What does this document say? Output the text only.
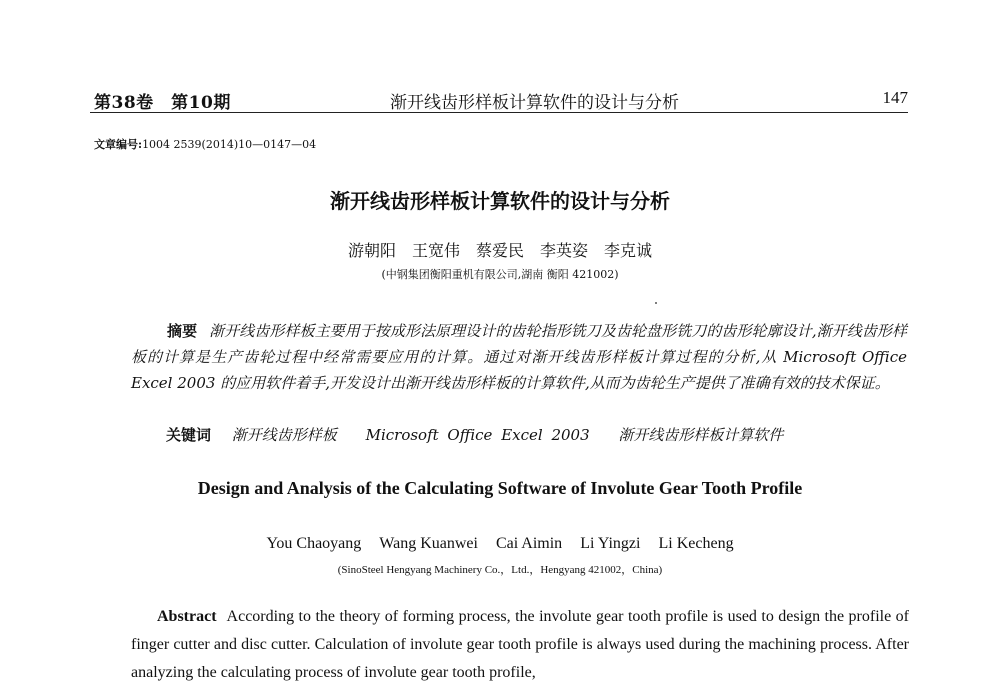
第38卷　第10期	渐开线齿形样板计算软件的设计与分析	147
文章编号:1004 2539(2014)10—0147—04
渐开线齿形样板计算软件的设计与分析
游朝阳　王宽伟　蔡爱民　李英姿　李克诚
(中钢集团衡阳重机有限公司,湖南 衡阳 421002)
摘要 渐开线齿形样板主要用于按成形法原理设计的齿轮指形铣刀及齿轮盘形铣刀的齿形轮廓设计,渐开线齿形样板的计算是生产齿轮过程中经常需要应用的计算。通过对渐开线齿形样板计算过程的分析,从 Microsoft Office Excel 2003 的应用软件着手,开发设计出渐开线齿形样板的计算软件,从而为齿轮生产提供了准确有效的技术保证。
关键词 渐开线齿形样板 Microsoft Office Excel 2003 渐开线齿形样板计算软件
Design and Analysis of the Calculating Software of Involute Gear Tooth Profile
You Chaoyang Wang Kuanwei Cai Aimin Li Yingzi Li Kecheng
(SinoSteel Hengyang Machinery Co.，Ltd.，Hengyang 421002，China)
Abstract According to the theory of forming process, the involute gear tooth profile is used to design the profile of finger cutter and disc cutter. Calculation of involute gear tooth profile is always used during the machining process. After analyzing the calculating process of involute gear tooth profile,
